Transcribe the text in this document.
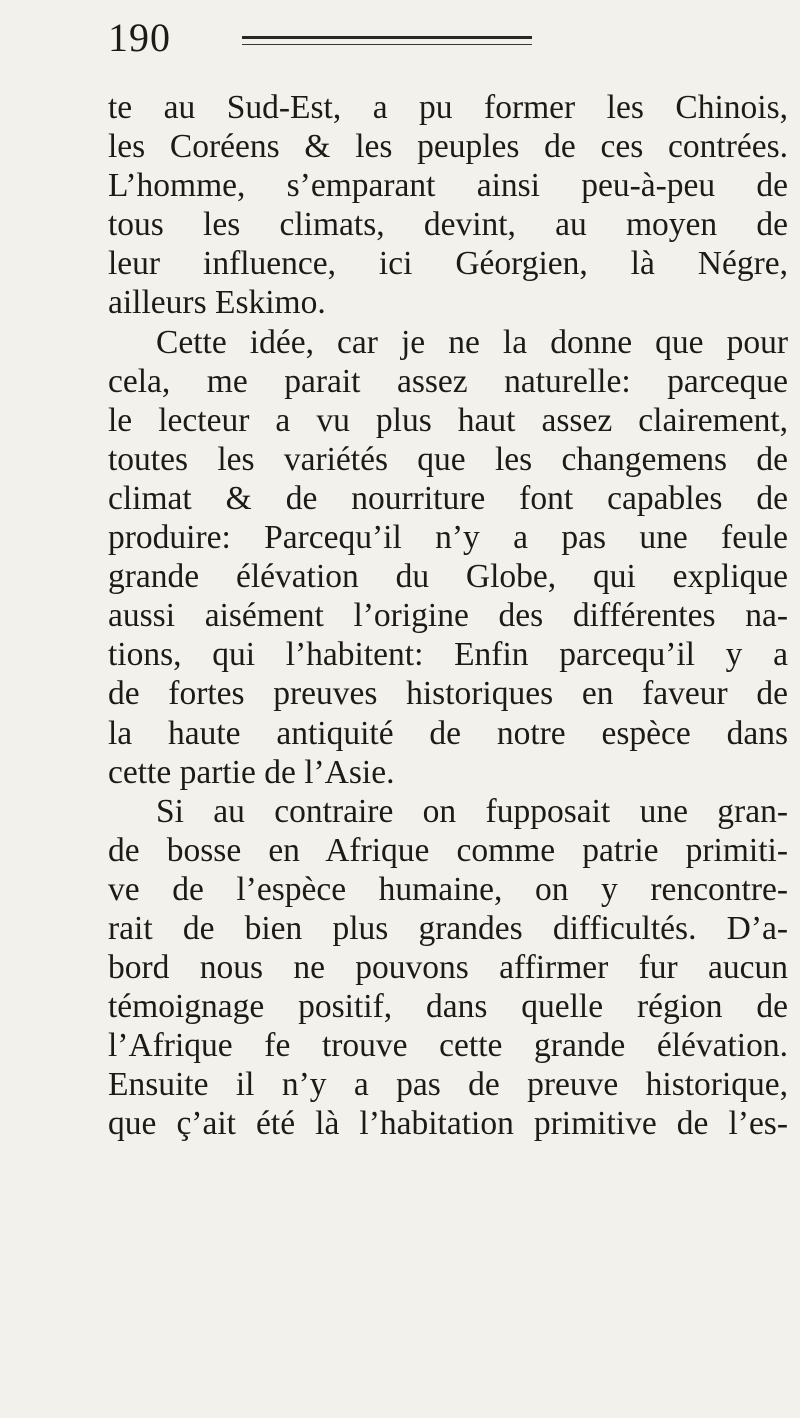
190
te au Sud-Est, a pu former les Chinois,
les Coréens & les peuples de ces contrées.
L’homme, s’emparant ainsi peu-à-peu de
tous les climats, devint, au moyen de
leur influence, ici Géorgien, là Négre,
ailleurs Eskimo.
Cette idée, car je ne la donne que pour
cela, me parait assez naturelle: parceque
le lecteur a vu plus haut assez clairement,
toutes les variétés que les changemens de
climat & de nourriture font capables de
produire: Parcequ’il n’y a pas une feule
grande élévation du Globe, qui explique
aussi aisément l’origine des différentes na-
tions, qui l’habitent: Enfin parcequ’il y a
de fortes preuves historiques en faveur de
la haute antiquité de notre espèce dans
cette partie de l’Asie.
Si au contraire on fupposait une gran-
de bosse en Afrique comme patrie primiti-
ve de l’espèce humaine, on y rencontre-
rait de bien plus grandes difficultés. D’a-
bord nous ne pouvons affirmer fur aucun
témoignage positif, dans quelle région de
l’Afrique fe trouve cette grande élévation.
Ensuite il n’y a pas de preuve historique,
que ç’ait été là l’habitation primitive de l’es-
